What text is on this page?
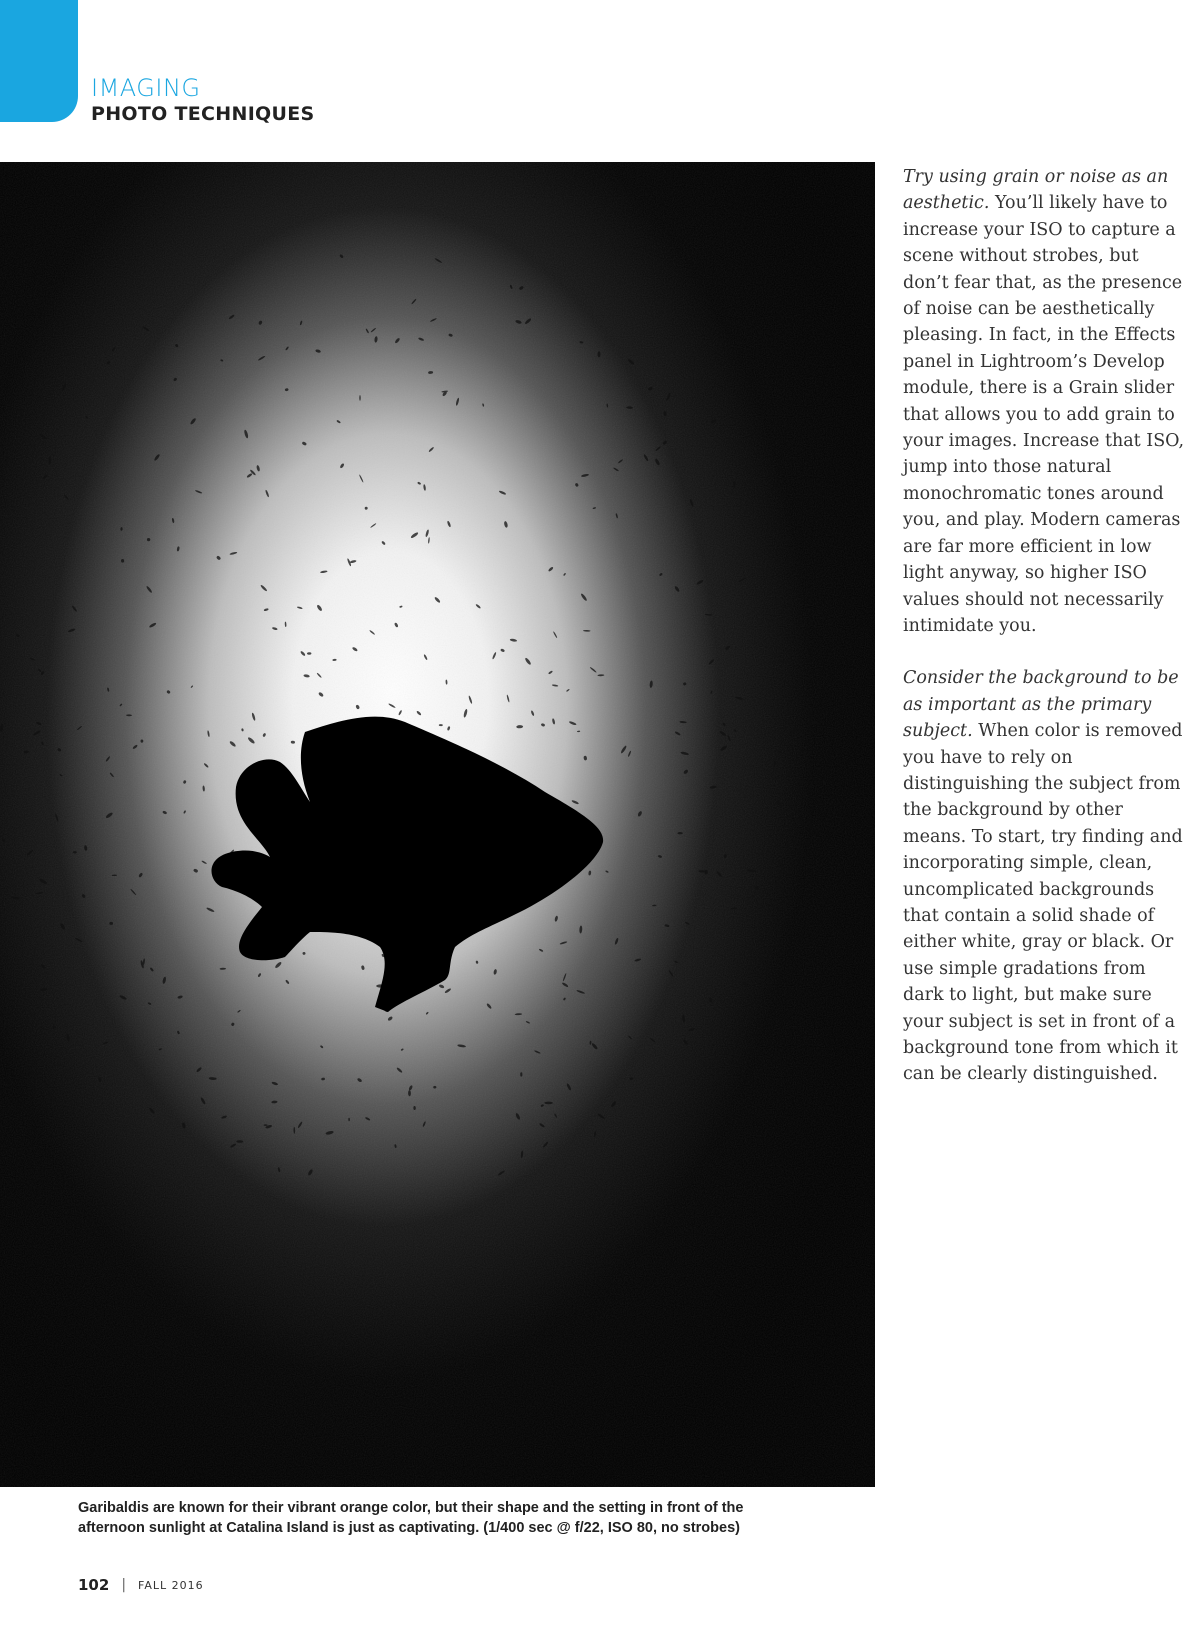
IMAGING
PHOTO TECHNIQUES
Garibaldis are known for their vibrant orange color, but their shape and the setting in front of the afternoon sunlight at Catalina Island is just as captivating. (1/400 sec @ f/22, ISO 80, no strobes)

Try using grain or noise as an aesthetic. You’ll likely have to increase your ISO to capture a scene without strobes, but don’t fear that, as the presence of noise can be aesthetically pleasing. In fact, in the Effects panel in Lightroom’s Develop module, there is a Grain slider that allows you to add grain to your images. Increase that ISO, jump into those natural monochromatic tones around you, and play. Modern cameras are far more efficient in low light anyway, so higher ISO values should not necessarily intimidate you.

Consider the background to be as important as the primary subject. When color is removed you have to rely on distinguishing the subject from the background by other means. To start, try finding and incorporating simple, clean, uncomplicated backgrounds that contain a solid shade of either white, gray or black. Or use simple gradations from dark to light, but make sure your subject is set in front of a background tone from which it can be clearly distinguished.

102 | FALL 2016
